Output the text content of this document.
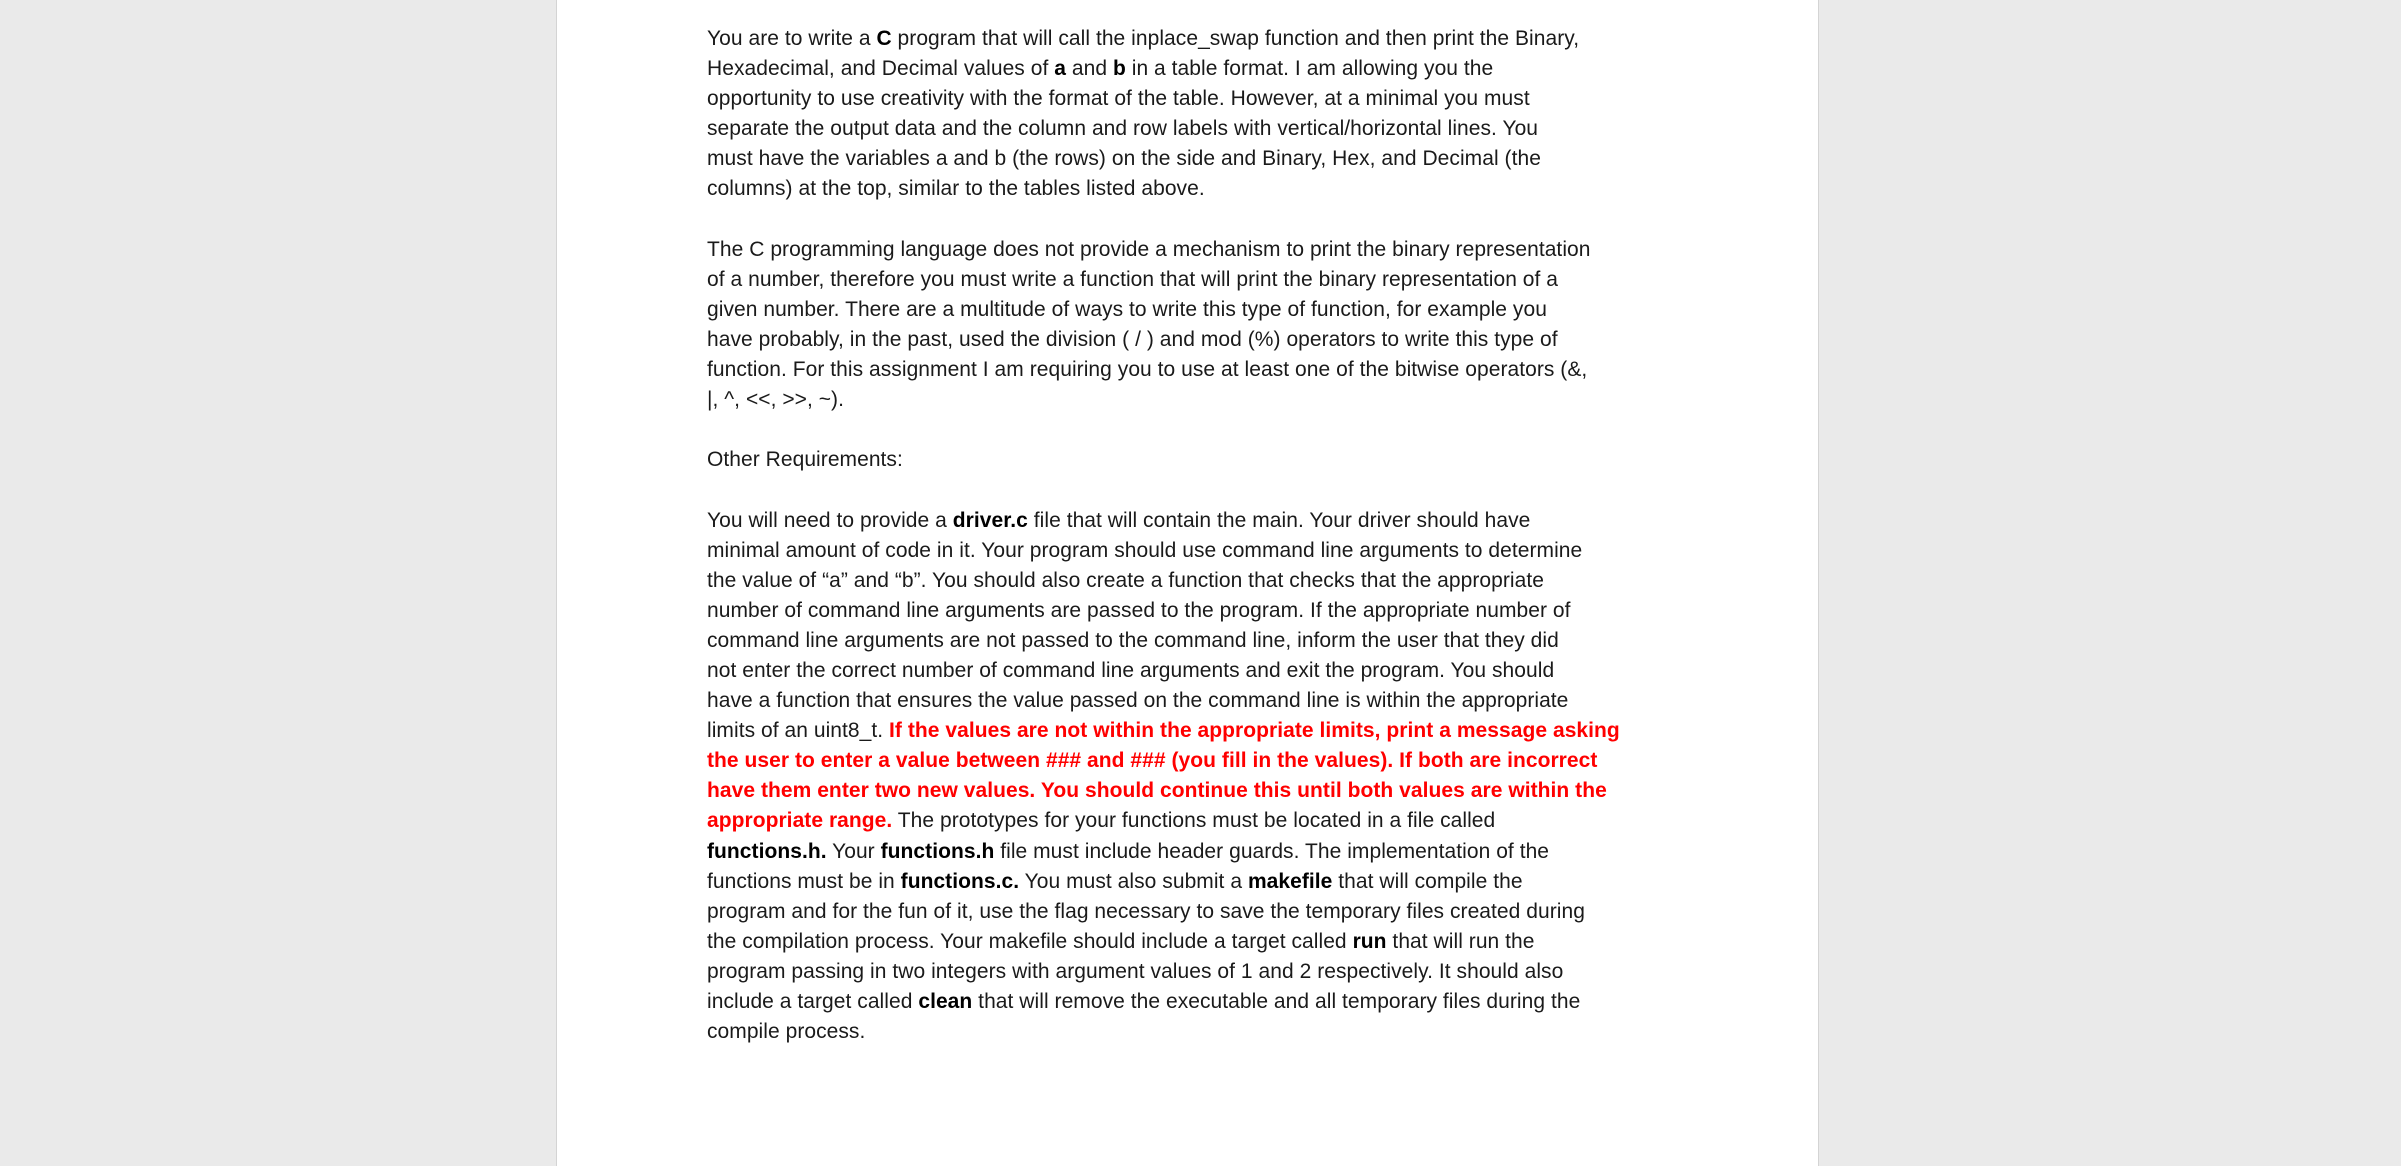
You are to write a C program that will call the inplace_swap function and then print the Binary,
Hexadecimal, and Decimal values of a and b in a table format. I am allowing you the
opportunity to use creativity with the format of the table. However, at a minimal you must
separate the output data and the column and row labels with vertical/horizontal lines. You
must have the variables a and b (the rows) on the side and Binary, Hex, and Decimal (the
columns) at the top, similar to the tables listed above.
The C programming language does not provide a mechanism to print the binary representation
of a number, therefore you must write a function that will print the binary representation of a
given number. There are a multitude of ways to write this type of function, for example you
have probably, in the past, used the division ( / ) and mod (%) operators to write this type of
function. For this assignment I am requiring you to use at least one of the bitwise operators (&,
|, ^, <<, >>, ~).
Other Requirements:
You will need to provide a driver.c file that will contain the main. Your driver should have
minimal amount of code in it. Your program should use command line arguments to determine
the value of “a” and “b”. You should also create a function that checks that the appropriate
number of command line arguments are passed to the program. If the appropriate number of
command line arguments are not passed to the command line, inform the user that they did
not enter the correct number of command line arguments and exit the program. You should
have a function that ensures the value passed on the command line is within the appropriate
limits of an uint8_t. If the values are not within the appropriate limits, print a message asking
the user to enter a value between ### and ### (you fill in the values). If both are incorrect
have them enter two new values. You should continue this until both values are within the
appropriate range. The prototypes for your functions must be located in a file called
functions.h. Your functions.h file must include header guards. The implementation of the
functions must be in functions.c. You must also submit a makefile that will compile the
program and for the fun of it, use the flag necessary to save the temporary files created during
the compilation process. Your makefile should include a target called run that will run the
program passing in two integers with argument values of 1 and 2 respectively. It should also
include a target called clean that will remove the executable and all temporary files during the
compile process.
